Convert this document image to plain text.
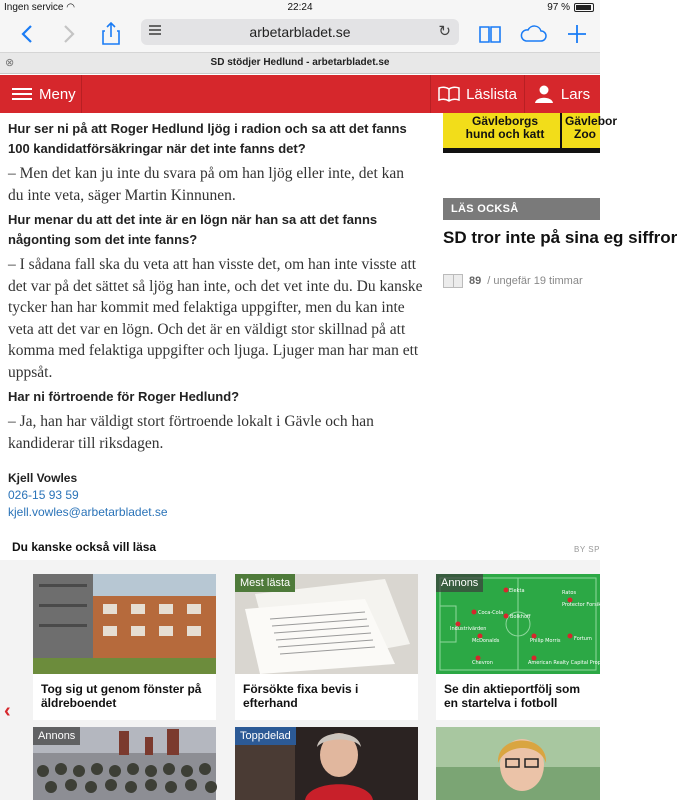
Ingen service ◠	22:24	97 %
arbetarbladet.se	↻
⊗	SD stödjer Hedlund - arbetarbladet.se
Meny	Läslista	Lars

Hur ser ni på att Roger Hedlund ljög i radion och sa att det fanns 100 kandidatförsäkringar när det inte fanns det?

– Men det kan ju inte du svara på om han ljög eller inte, det kan du inte veta, säger Martin Kinnunen.

Hur menar du att det inte är en lögn när han sa att det fanns någonting som det inte fanns?

– I sådana fall ska du veta att han visste det, om han inte visste att det var på det sättet så ljög han inte, och det vet inte du. Du kanske tycker han har kommit med felaktiga uppgifter, men du kan inte veta att det var en lögn. Och det är en väldigt stor skillnad på att komma med felaktiga uppgifter och ljuga. Ljuger man har man ett uppsåt.

Har ni förtroende för Roger Hedlund?

– Ja, han har väldigt stort förtroende lokalt i Gävle och han kandiderar till riksdagen.

Kjell Vowles
026-15 93 59
kjell.vowles@arbetarbladet.se
Gävleborgs hund och katt
Gävlebor Zoo
LÄS OCKSÅ
SD tror inte på sina eg siffror
89 / ungefär 19 timmar
Du kanske också vill läsa	BY SP
Tog sig ut genom fönster på äldreboendet
Mest lästa
Försökte fixa bevis i efterhand
Elekta
Coca-Cola
Industrivärden
Ratos
Protector Forsikring
Bolkhoff
McDonalds	Philip Morris	Fortum
Chevron	American Realty Capital Properties
Annons
Se din aktieportfölj som en startelva i fotboll
Annons	Toppdelad
‹
